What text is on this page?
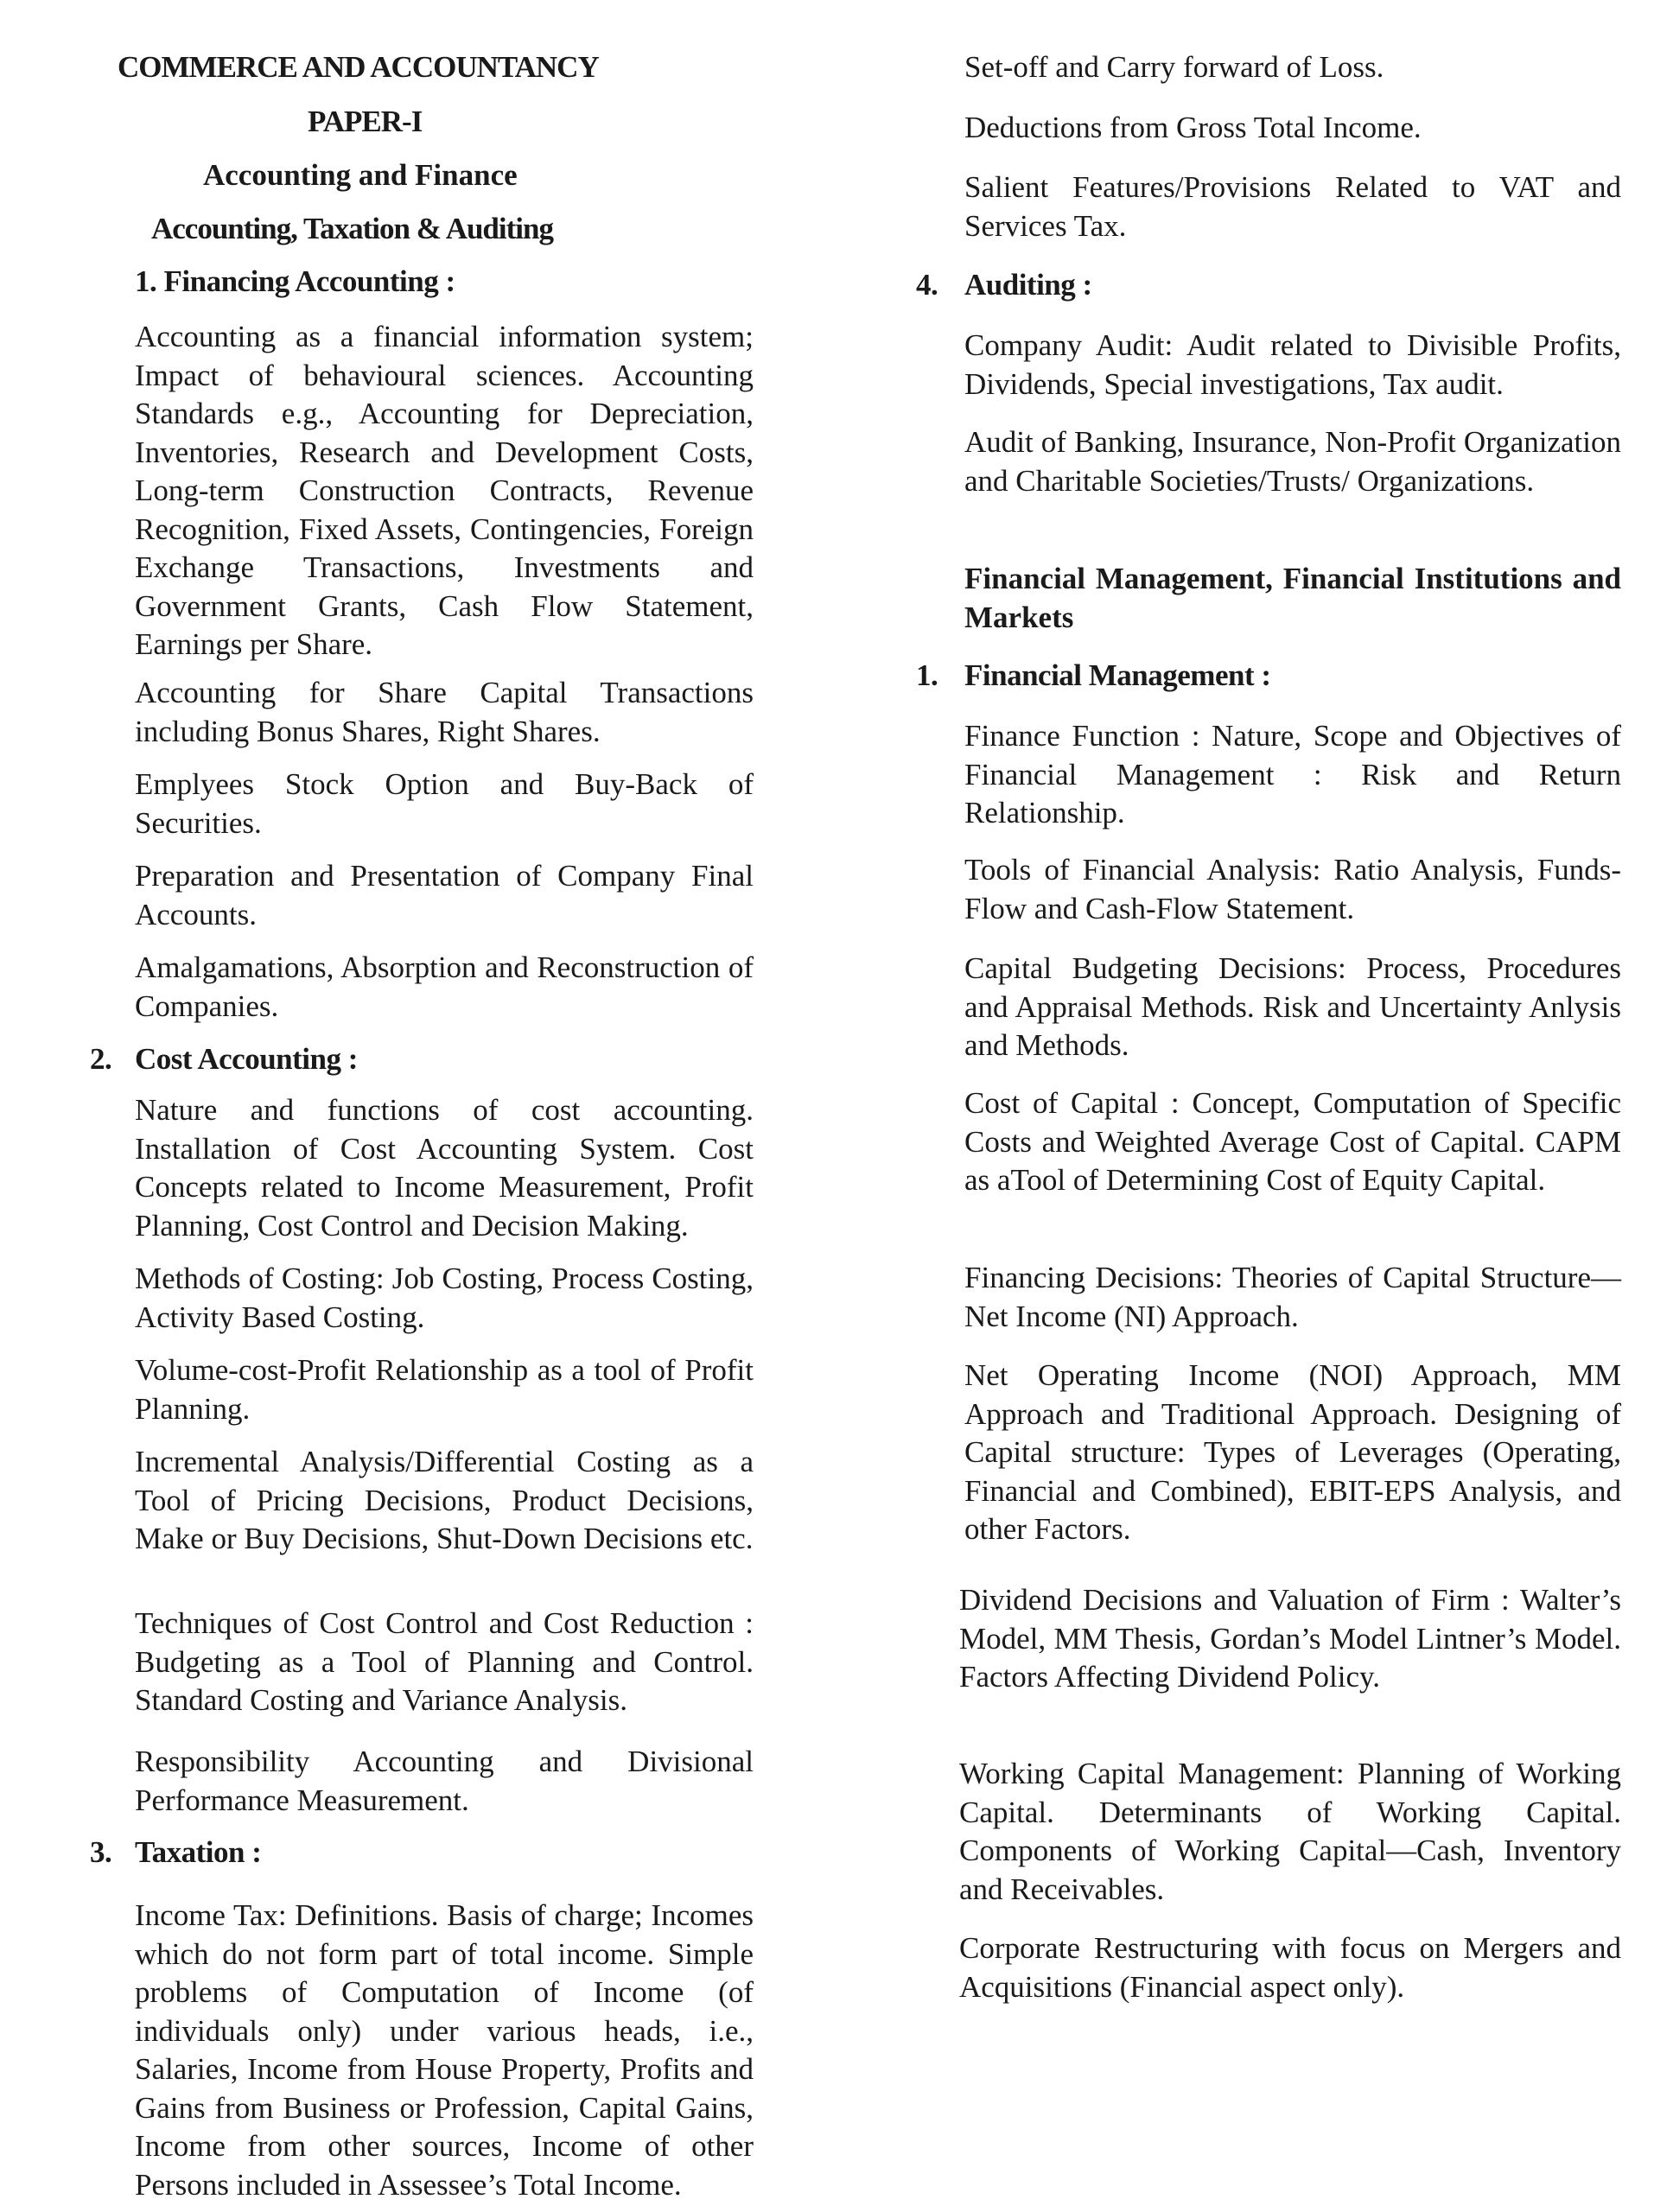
COMMERCE AND ACCOUNTANCY
PAPER-I
Accounting and Finance
Accounting, Taxation & Auditing
1. Financing Accounting :

Accounting as a financial information system; Impact of behavioural sciences. Accounting Standards e.g., Accounting for Depreciation, Inventories, Research and Development Costs, Long-term Construction Contracts, Revenue Recognition, Fixed Assets, Contingencies, Foreign Exchange Transactions, Investments and Government Grants, Cash Flow Statement, Earnings per Share.

Accounting for Share Capital Transactions including Bonus Shares, Right Shares.

Emplyees Stock Option and Buy-Back of Securities.

Preparation and Presentation of Company Final Accounts.

Amalgamations, Absorption and Reconstruction of Companies.

2. Cost Accounting :

Nature and functions of cost accounting. Installation of Cost Accounting System. Cost Concepts related to Income Measurement, Profit Planning, Cost Control and Decision Making.

Methods of Costing: Job Costing, Process Costing, Activity Based Costing.

Volume-cost-Profit Relationship as a tool of Profit Planning.

Incremental Analysis/Differential Costing as a Tool of Pricing Decisions, Product Decisions, Make or Buy Decisions, Shut-Down Decisions etc.

Techniques of Cost Control and Cost Reduction : Budgeting as a Tool of Planning and Control. Standard Costing and Variance Analysis.

Responsibility Accounting and Divisional Performance Measurement.

3. Taxation :

Income Tax: Definitions. Basis of charge; Incomes which do not form part of total income. Simple problems of Computation of Income (of individuals only) under various heads, i.e., Salaries, Income from House Property, Profits and Gains from Business or Profession, Capital Gains, Income from other sources, Income of other Persons included in Assessee’s Total Income.

Set-off and Carry forward of Loss.

Deductions from Gross Total Income.

Salient Features/Provisions Related to VAT and Services Tax.

4. Auditing :

Company Audit: Audit related to Divisible Profits, Dividends, Special investigations, Tax audit.

Audit of Banking, Insurance, Non-Profit Organization and Charitable Societies/Trusts/ Organizations.

Financial Management, Financial Institutions and Markets

1. Financial Management :

Finance Function : Nature, Scope and Objectives of Financial Management : Risk and Return Relationship.

Tools of Financial Analysis: Ratio Analysis, Funds-Flow and Cash-Flow Statement.

Capital Budgeting Decisions: Process, Procedures and Appraisal Methods. Risk and Uncertainty Anlysis and Methods.

Cost of Capital : Concept, Computation of Specific Costs and Weighted Average Cost of Capital. CAPM as aTool of Determining Cost of Equity Capital.

Financing Decisions: Theories of Capital Structure—Net Income (NI) Approach.

Net Operating Income (NOI) Approach, MM Approach and Traditional Approach. Designing of Capital structure: Types of Leverages (Operating, Financial and Combined), EBIT-EPS Analysis, and other Factors.

Dividend Decisions and Valuation of Firm : Walter’s Model, MM Thesis, Gordan’s Model Lintner’s Model. Factors Affecting Dividend Policy.

Working Capital Management: Planning of Working Capital. Determinants of Working Capital. Components of Working Capital—Cash, Inventory and Receivables.

Corporate Restructuring with focus on Mergers and Acquisitions (Financial aspect only).
